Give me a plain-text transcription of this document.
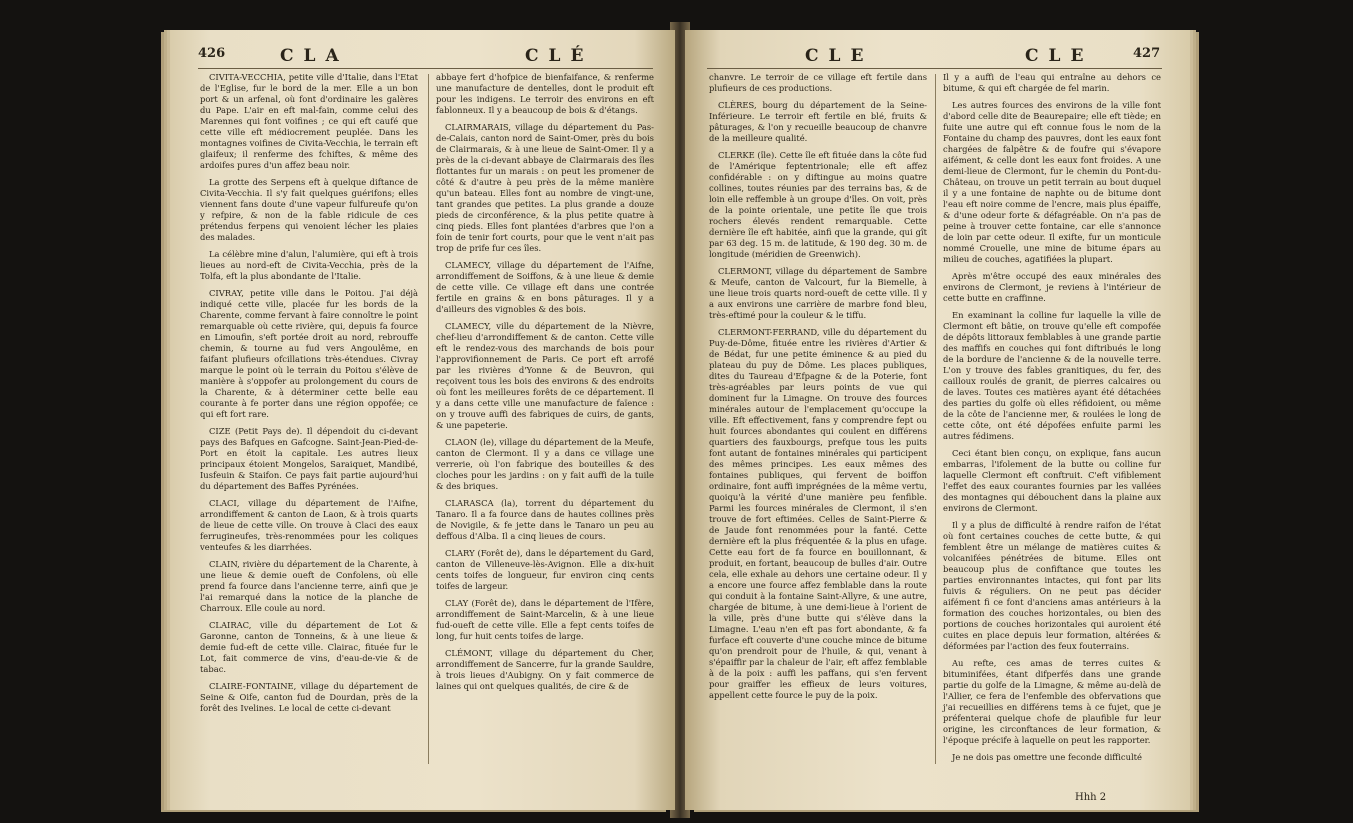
426	CLA	CLÉ

CIVITA-VECCHIA, petite ville d'Italie, dans l'Etat de l'Eglise, fur le bord de la mer. Elle a un bon port & un arfenal, où font d'ordinaire les galères du Pape. L'air en eft mal-fain, comme celui des Marennes qui font voifines ; ce qui eft caufé que cette ville eft médiocrement peuplée. Dans les montagnes voifines de Civita-Vecchia, le terrain eft glaifeux; il renferme des fchiftes, & même des ardoifes pures d'un affez beau noir.

La grotte des Serpens eft à quelque diftance de Civita-Vecchia. Il s'y fait quelques guérifons; elles viennent fans doute d'une vapeur fulfureufe qu'on y refpire, & non de la fable ridicule de ces prétendus ferpens qui venoient lécher les plaies des malades.

La célèbre mine d'alun, l'alumière, qui eft à trois lieues au nord-eft de Civita-Vecchia, près de la Tolfa, eft la plus abondante de l'Italie.

CIVRAY, petite ville dans le Poitou. J'ai déjà indiqué cette ville, placée fur les bords de la Charente, comme fervant à faire connoître le point remarquable où cette rivière, qui, depuis fa fource en Limoufin, s'eft portée droit au nord, rebrouffe chemin, & tourne au fud vers Angoulême, en faifant plufieurs ofcillations très-étendues. Civray marque le point où le terrain du Poitou s'élève de manière à s'oppofer au prolongement du cours de la Charente, & à déterminer cette belle eau courante à fe porter dans une région oppofée; ce qui eft fort rare.

CIZE (Petit Pays de). Il dépendoit du ci-devant pays des Bafques en Gafcogne. Saint-Jean-Pied-de-Port en étoit la capitale. Les autres lieux principaux étoient Mongelos, Saraiquet, Mandibé, Iusfeuin & Staifon. Ce pays fait partie aujourd'hui du département des Baffes Pyrénées.

CLACI, village du département de l'Aifne, arrondiffement & canton de Laon, & à trois quarts de lieue de cette ville. On trouve à Claci des eaux ferrugineufes, très-renommées pour les coliques venteufes & les diarrhées.

CLAIN, rivière du département de la Charente, à une lieue & demie oueft de Confolens, où elle prend fa fource dans l'ancienne terre, ainfi que je l'ai remarqué dans la notice de la planche de Charroux. Elle coule au nord.

CLAIRAC, ville du département de Lot & Garonne, canton de Tonneins, & à une lieue & demie fud-eft de cette ville. Clairac, fituée fur le Lot, fait commerce de vins, d'eau-de-vie & de tabac.

CLAIRE-FONTAINE, village du département de Seine & Oife, canton fud de Dourdan, près de la forêt des Ivelines. Le local de cette ci-devant

abbaye fert d'hofpice de bienfaifance, & renferme une manufacture de dentelles, dont le produit eft pour les indigens. Le terroir des environs en eft fablonneux. Il y a beaucoup de bois & d'étangs.

CLAIRMARAIS, village du département du Pas-de-Calais, canton nord de Saint-Omer, près du bois de Clairmarais, & à une lieue de Saint-Omer. Il y a près de la ci-devant abbaye de Clairmarais des îles flottantes fur un marais : on peut les promener de côté & d'autre à peu près de la même manière qu'un bateau. Elles font au nombre de vingt-une, tant grandes que petites. La plus grande a douze pieds de circonférence, & la plus petite quatre à cinq pieds. Elles font plantées d'arbres que l'on a foin de tenir fort courts, pour que le vent n'ait pas trop de prife fur ces îles.

CLAMECY, village du département de l'Aifne, arrondiffement de Soiffons, & à une lieue & demie de cette ville. Ce village eft dans une contrée fertile en grains & en bons pâturages. Il y a d'ailleurs des vignobles & des bois.

CLAMECY, ville du département de la Nièvre, chef-lieu d'arrondiffement & de canton. Cette ville eft le rendez-vous des marchands de bois pour l'approvifionnement de Paris. Ce port eft arrofé par les rivières d'Yonne & de Beuvron, qui reçoivent tous les bois des environs & des endroits où font les meilleures forêts de ce département. Il y a dans cette ville une manufacture de faïence : on y trouve auffi des fabriques de cuirs, de gants, & une papeterie.

CLAON (le), village du département de la Meufe, canton de Clermont. Il y a dans ce village une verrerie, où l'on fabrique des bouteilles & des cloches pour les jardins : on y fait auffi de la tuile & des briques.

CLARASCA (la), torrent du département du Tanaro. Il a fa fource dans de hautes collines près de Novigile, & fe jette dans le Tanaro un peu au deffous d'Alba. Il a cinq lieues de cours.

CLARY (Forêt de), dans le département du Gard, canton de Villeneuve-lès-Avignon. Elle a dix-huit cents toifes de longueur, fur environ cinq cents toifes de largeur.

CLAY (Forêt de), dans le département de l'Ifère, arrondiffement de Saint-Marcelin, & à une lieue fud-oueft de cette ville. Elle a fept cents toifes de long, fur huit cents toifes de large.

CLÉMONT, village du département du Cher, arrondiffement de Sancerre, fur la grande Sauldre, à trois lieues d'Aubigny. On y fait commerce de laines qui ont quelques qualités, de cire & de

CLE	CLE	427

chanvre. Le terroir de ce village eft fertile dans plufieurs de ces productions.

CLÈRES, bourg du département de la Seine-Inférieure. Le terroir eft fertile en blé, fruits & pâturages, & l'on y recueille beaucoup de chanvre de la meilleure qualité.

CLERKE (île). Cette île eft fituée dans la côte fud de l'Amérique feptentrionale; elle eft affez confidérable : on y diftingue au moins quatre collines, toutes réunies par des terrains bas, & de loin elle reffemble à un groupe d'îles. On voit, près de la pointe orientale, une petite île que trois rochers élevés rendent remarquable. Cette dernière île eft habitée, ainfi que la grande, qui gît par 63 deg. 15 m. de latitude, & 190 deg. 30 m. de longitude (méridien de Greenwich).

CLERMONT, village du département de Sambre & Meufe, canton de Valcourt, fur la Biemelle, à une lieue trois quarts nord-oueft de cette ville. Il y a aux environs une carrière de marbre fond bleu, très-eftimé pour la couleur & le tiffu.

CLERMONT-FERRAND, ville du département du Puy-de-Dôme, fituée entre les rivières d'Artier & de Bédat, fur une petite éminence & au pied du plateau du puy de Dôme. Les places publiques, dites du Taureau d'Efpagne & de la Poterie, font très-agréables par leurs points de vue qui dominent fur la Limagne. On trouve des fources minérales autour de l'emplacement qu'occupe la ville. Eft effectivement, fans y comprendre fept ou huit fources abondantes qui coulent en différens quartiers des fauxbourgs, prefque tous les puits font autant de fontaines minérales qui participent des mêmes principes. Les eaux mêmes des fontaines publiques, qui fervent de boiffon ordinaire, font auffi imprégnées de la même vertu, quoiqu'à la vérité d'une manière peu fenfible. Parmi les fources minérales de Clermont, il s'en trouve de fort eftimées. Celles de Saint-Pierre & de Jaude font renommées pour la fanté. Cette dernière eft la plus fréquentée & la plus en ufage. Cette eau fort de fa fource en bouillonnant, & produit, en fortant, beaucoup de bulles d'air. Outre cela, elle exhale au dehors une certaine odeur. Il y a encore une fource affez femblable dans la route qui conduit à la fontaine Saint-Allyre, & une autre, chargée de bitume, à une demi-lieue à l'orient de la ville, près d'une butte qui s'élève dans la Limagne. L'eau n'en eft pas fort abondante, & fa furface eft couverte d'une couche mince de bitume qu'on prendroit pour de l'huile, & qui, venant à s'épaiffir par la chaleur de l'air, eft affez femblable à de la poix : auffi les paffans, qui s'en fervent pour graiffer les effieux de leurs voitures, appellent cette fource le puy de la poix.

Il y a auffi de l'eau qui entraîne au dehors ce bitume, & qui eft chargée de fel marin.

Les autres fources des environs de la ville font d'abord celle dite de Beaurepaire; elle eft tiède; en fuite une autre qui eft connue fous le nom de la Fontaine du champ des pauvres, dont les eaux font chargées de falpêtre & de foufre qui s'évapore aifément, & celle dont les eaux font froides. A une demi-lieue de Clermont, fur le chemin du Pont-du-Château, on trouve un petit terrain au bout duquel il y a une fontaine de naphte ou de bitume dont l'eau eft noire comme de l'encre, mais plus épaiffe, & d'une odeur forte & défagréable. On n'a pas de peine à trouver cette fontaine, car elle s'annonce de loin par cette odeur. Il exifte, fur un monticule nommé Crouelle, une mine de bitume épars au milieu de couches, agatifiées la plupart.

Après m'être occupé des eaux minérales des environs de Clermont, je reviens à l'intérieur de cette butte en craffinne.

En examinant la colline fur laquelle la ville de Clermont eft bâtie, on trouve qu'elle eft compofée de dépôts littoraux femblables à une grande partie des maffifs en couches qui font diftribués le long de la bordure de l'ancienne & de la nouvelle terre. L'on y trouve des fables granitiques, du fer, des cailloux roulés de granit, de pierres calcaires ou de laves. Toutes ces matières ayant été détachées des parties du golfe où elles réfidoient, ou même de la côte de l'ancienne mer, & roulées le long de cette côte, ont été dépofées enfuite parmi les autres fédimens.

Ceci étant bien conçu, on explique, fans aucun embarras, l'ifolement de la butte ou colline fur laquelle Clermont eft conftruit. C'eft vifiblement l'effet des eaux courantes fournies par les vallées des montagnes qui débouchent dans la plaine aux environs de Clermont.

Il y a plus de difficulté à rendre raifon de l'état où font certaines couches de cette butte, & qui femblent être un mélange de matières cuites & volcanifées pénétrées de bitume. Elles ont beaucoup plus de confiftance que toutes les parties environnantes intactes, qui font par lits fuivis & réguliers. On ne peut pas décider aifément fi ce font d'anciens amas antérieurs à la formation des couches horizontales, ou bien des portions de couches horizontales qui auroient été cuites en place depuis leur formation, altérées & déformées par l'action des feux fouterrains.

Au refte, ces amas de terres cuites & bituminifées, étant difperfés dans une grande partie du golfe de la Limagne, & même au-delà de l'Allier, ce fera de l'enfemble des obfervations que j'ai recueillies en différens tems à ce fujet, que je préfenterai quelque chofe de plaufible fur leur origine, les circonftances de leur formation, & l'époque précife à laquelle on peut les rapporter.

Je ne dois pas omettre une feconde difficulté

Hhh 2
